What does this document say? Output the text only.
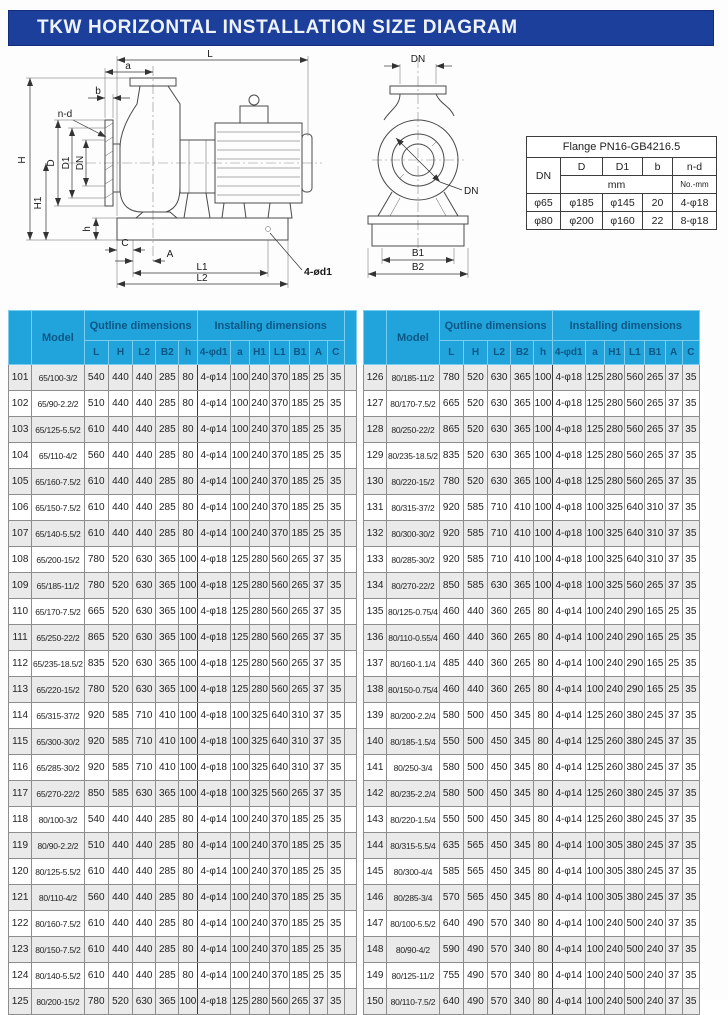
TKW HORIZONTAL INSTALLATION SIZE DIAGRAM
L
a
b
n-d
D D1 DN
H
H1
h
C
A
L1
L2
4-ød1
DN
DN
B1
B2
Flange PN16-GB4216.5				
DN	D	D1	b	n-d
	mm			No.-mm
φ65	φ185	φ145	20	4-φ18
φ80	φ200	φ160	22	8-φ18
	Model	Qutline dimensions					Installing dimensions							
		L	H	L2	B2	h	4-φd1	a	H1	L1	B1	A	C	
101	65/100-3/2	540	440	440	285	80	4-φ14	100	240	370	185	25	35	
102	65/90-2.2/2	510	440	440	285	80	4-φ14	100	240	370	185	25	35	
103	65/125-5.5/2	610	440	440	285	80	4-φ14	100	240	370	185	25	35	
104	65/110-4/2	560	440	440	285	80	4-φ14	100	240	370	185	25	35	
105	65/160-7.5/2	610	440	440	285	80	4-φ14	100	240	370	185	25	35	
106	65/150-7.5/2	610	440	440	285	80	4-φ14	100	240	370	185	25	35	
107	65/140-5.5/2	610	440	440	285	80	4-φ14	100	240	370	185	25	35	
108	65/200-15/2	780	520	630	365	100	4-φ18	125	280	560	265	37	35	
109	65/185-11/2	780	520	630	365	100	4-φ18	125	280	560	265	37	35	
110	65/170-7.5/2	665	520	630	365	100	4-φ18	125	280	560	265	37	35	
111	65/250-22/2	865	520	630	365	100	4-φ18	125	280	560	265	37	35	
112	65/235-18.5/2	835	520	630	365	100	4-φ18	125	280	560	265	37	35	
113	65/220-15/2	780	520	630	365	100	4-φ18	125	280	560	265	37	35	
114	65/315-37/2	920	585	710	410	100	4-φ18	100	325	640	310	37	35	
115	65/300-30/2	920	585	710	410	100	4-φ18	100	325	640	310	37	35	
116	65/285-30/2	920	585	710	410	100	4-φ18	100	325	640	310	37	35	
117	65/270-22/2	850	585	630	365	100	4-φ18	100	325	560	265	37	35	
118	80/100-3/2	540	440	440	285	80	4-φ14	100	240	370	185	25	35	
119	80/90-2.2/2	510	440	440	285	80	4-φ14	100	240	370	185	25	35	
120	80/125-5.5/2	610	440	440	285	80	4-φ14	100	240	370	185	25	35	
121	80/110-4/2	560	440	440	285	80	4-φ14	100	240	370	185	25	35	
122	80/160-7.5/2	610	440	440	285	80	4-φ14	100	240	370	185	25	35	
123	80/150-7.5/2	610	440	440	285	80	4-φ14	100	240	370	185	25	35	
124	80/140-5.5/2	610	440	440	285	80	4-φ14	100	240	370	185	25	35	
125	80/200-15/2	780	520	630	365	100	4-φ18	125	280	560	265	37	35	
	Model	Qutline dimensions					Installing dimensions						
		L	H	L2	B2	h	4-φd1	a	H1	L1	B1	A	C
126	80/185-11/2	780	520	630	365	100	4-φ18	125	280	560	265	37	35
127	80/170-7.5/2	665	520	630	365	100	4-φ18	125	280	560	265	37	35
128	80/250-22/2	865	520	630	365	100	4-φ18	125	280	560	265	37	35
129	80/235-18.5/2	835	520	630	365	100	4-φ18	125	280	560	265	37	35
130	80/220-15/2	780	520	630	365	100	4-φ18	125	280	560	265	37	35
131	80/315-37/2	920	585	710	410	100	4-φ18	100	325	640	310	37	35
132	80/300-30/2	920	585	710	410	100	4-φ18	100	325	640	310	37	35
133	80/285-30/2	920	585	710	410	100	4-φ18	100	325	640	310	37	35
134	80/270-22/2	850	585	630	365	100	4-φ18	100	325	560	265	37	35
135	80/125-0.75/4	460	440	360	265	80	4-φ14	100	240	290	165	25	35
136	80/110-0.55/4	460	440	360	265	80	4-φ14	100	240	290	165	25	35
137	80/160-1.1/4	485	440	360	265	80	4-φ14	100	240	290	165	25	35
138	80/150-0.75/4	460	440	360	265	80	4-φ14	100	240	290	165	25	35
139	80/200-2.2/4	580	500	450	345	80	4-φ14	125	260	380	245	37	35
140	80/185-1.5/4	550	500	450	345	80	4-φ14	125	260	380	245	37	35
141	80/250-3/4	580	500	450	345	80	4-φ14	125	260	380	245	37	35
142	80/235-2.2/4	580	500	450	345	80	4-φ14	125	260	380	245	37	35
143	80/220-1.5/4	550	500	450	345	80	4-φ14	125	260	380	245	37	35
144	80/315-5.5/4	635	565	450	345	80	4-φ14	100	305	380	245	37	35
145	80/300-4/4	585	565	450	345	80	4-φ14	100	305	380	245	37	35
146	80/285-3/4	570	565	450	345	80	4-φ14	100	305	380	245	37	35
147	80/100-5.5/2	640	490	570	340	80	4-φ14	100	240	500	240	37	35
148	80/90-4/2	590	490	570	340	80	4-φ14	100	240	500	240	37	35
149	80/125-11/2	755	490	570	340	80	4-φ14	100	240	500	240	37	35
150	80/110-7.5/2	640	490	570	340	80	4-φ14	100	240	500	240	37	35
